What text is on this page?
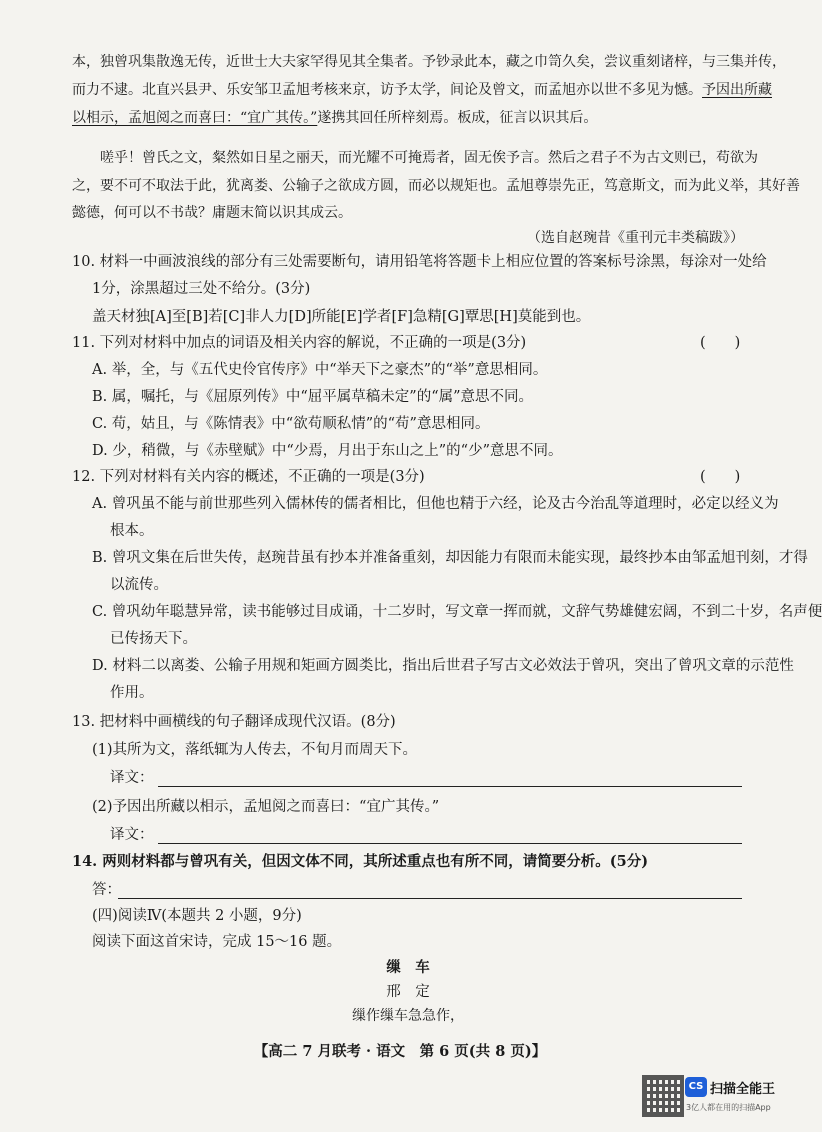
本，独曾巩集散逸无传，近世士大夫家罕得见其全集者。予钞录此本，藏之巾笥久矣，尝议重刻诸梓，与三集并传，
而力不逮。北直兴县尹、乐安邹卫孟旭考核来京，访予太学，间论及曾文，而孟旭亦以世不多见为憾。予因出所藏
以相示，孟旭阅之而喜曰：“宜广其传。”遂携其回任所梓刻焉。板成，征言以识其后。
嗟乎！曾氏之文，粲然如日星之丽天，而光耀不可掩焉者，固无俟予言。然后之君子不为古文则已，苟欲为
之，要不可不取法于此，犹离娄、公输子之欲成方圆，而必以规矩也。孟旭尊崇先正，笃意斯文，而为此义举，其好善
懿德，何可以不书哉？庸题末简以识其成云。
（选自赵琬昔《重刊元丰类稿跋》）
10. 材料一中画波浪线的部分有三处需要断句，请用铅笔将答题卡上相应位置的答案标号涂黑，每涂对一处给
1分，涂黑超过三处不给分。(3分)
盖天材独[A]至[B]若[C]非人力[D]所能[E]学者[F]急精[G]覃思[H]莫能到也。
11. 下列对材料中加点的词语及相关内容的解说，不正确的一项是(3分)	(　　)
A. 举，全，与《五代史伶官传序》中“举天下之豪杰”的“举”意思相同。
B. 属，嘱托，与《屈原列传》中“屈平属草稿未定”的“属”意思不同。
C. 苟，姑且，与《陈情表》中“欲苟顺私情”的“苟”意思相同。
D. 少，稍微，与《赤壁赋》中“少焉，月出于东山之上”的“少”意思不同。
12. 下列对材料有关内容的概述，不正确的一项是(3分)	(　　)
A. 曾巩虽不能与前世那些列入儒林传的儒者相比，但他也精于六经，论及古今治乱等道理时，必定以经义为
根本。
B. 曾巩文集在后世失传，赵琬昔虽有抄本并准备重刻，却因能力有限而未能实现，最终抄本由邹孟旭刊刻，才得
以流传。
C. 曾巩幼年聪慧异常，读书能够过目成诵，十二岁时，写文章一挥而就，文辞气势雄健宏阔，不到二十岁，名声便
已传扬天下。
D. 材料二以离娄、公输子用规和矩画方圆类比，指出后世君子写古文必效法于曾巩，突出了曾巩文章的示范性
作用。
13. 把材料中画横线的句子翻译成现代汉语。(8分)
(1)其所为文，落纸辄为人传去，不旬月而周天下。
译文：
(2)予因出所藏以相示，孟旭阅之而喜曰：“宜广其传。”
译文：
14. 两则材料都与曾巩有关，但因文体不同，其所述重点也有所不同，请简要分析。(5分)
答：
(四)阅读Ⅳ(本题共 2 小题，9分)
阅读下面这首宋诗，完成 15～16 题。
缫　车
邢　定
缫作缫车急急作，
【高二 7 月联考 · 语文　第 6 页(共 8 页)】
CS 扫描全能王
3亿人都在用的扫描App
